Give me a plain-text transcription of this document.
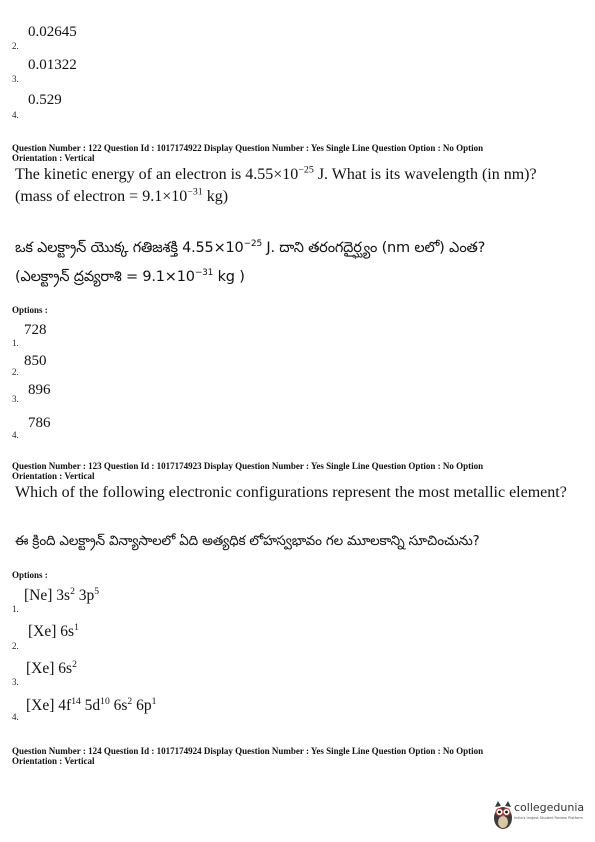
0.02645
2.
0.01322
3.
0.529
4.
Question Number : 122 Question Id : 1017174922 Display Question Number : Yes Single Line Question Option : No Option
Orientation : Vertical
The kinetic energy of an electron is $4.55\times 10^{-25}$ J. What is its wavelength (in nm)?
(mass of electron = $9.1\times 10^{-31}$ kg)
ఒక ఎలక్ట్రాన్ యొక్క గతిజశక్తి $4.55\times 10^{-25}$ J. దాని తరంగదైర్ఘ్యం (nm లలో) ఎంత?
(ఎలక్ట్రాన్ ద్రవ్యరాశి = $9.1\times 10^{-31}$ kg )
Options :
728
1.
850
2.
896
3.
786
4.
Question Number : 123 Question Id : 1017174923 Display Question Number : Yes Single Line Question Option : No Option
Orientation : Vertical
Which of the following electronic configurations represent the most metallic element?
ఈ క్రింది ఎలక్ట్రాన్ విన్యాసాలలో ఏది అత్యధిక లోహస్వభావం గల మూలకాన్ని సూచించును?
Options :
[Ne] $3s^2$ $3p^5$
1.
[Xe] $6s^1$
2.
[Xe] $6s^2$
3.
[Xe] $4f^{14}$ $5d^{10}$ $6s^2$ $6p^1$
4.
Question Number : 124 Question Id : 1017174924 Display Question Number : Yes Single Line Question Option : No Option
Orientation : Vertical
collegedunia
India's largest Student Review Platform
